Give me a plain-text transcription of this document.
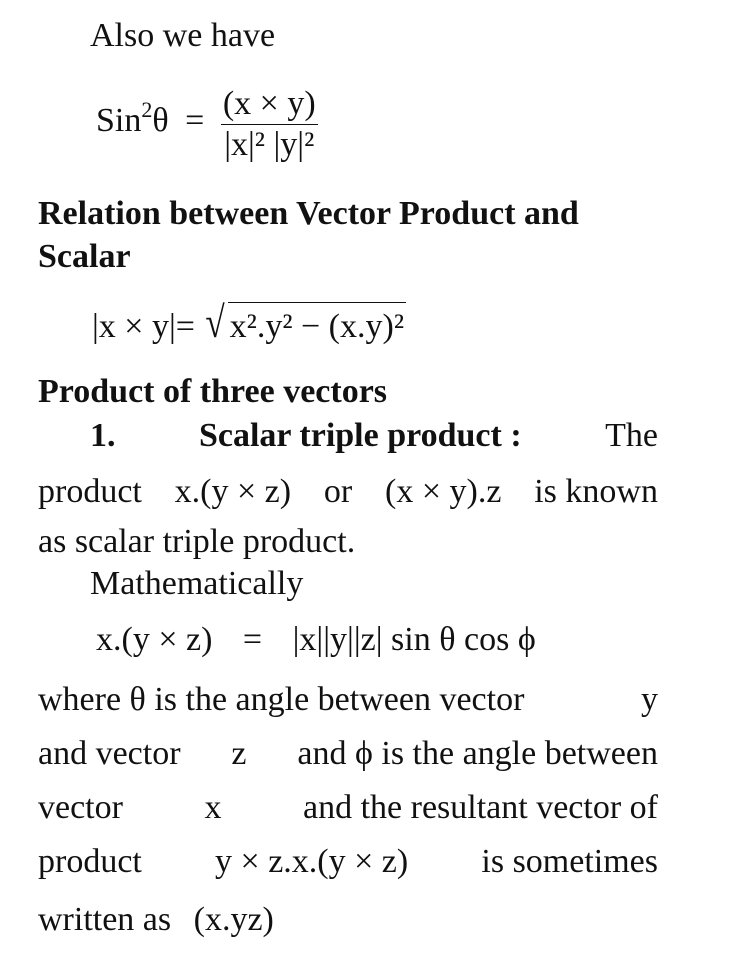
Also we have
$Sin^2\theta = \frac{(x \times y)}{\text{|x|² |y|²}}$
Relation between Vector Product and
Scalar
|x × y|= √ x².y² − (x.y)²
Product of three vectors
1. Scalar triple product : The
product x.(y × z) or (x × y).z is known
as scalar triple product.
Mathematically
x.(y × z) = |x||y||z| sin θ cos ϕ
where θ is the angle between vector	y
and vector z and ϕ is the angle between
vector x and the resultant vector of
product y × z.x.(y × z) is sometimes
written as (x.yz)
